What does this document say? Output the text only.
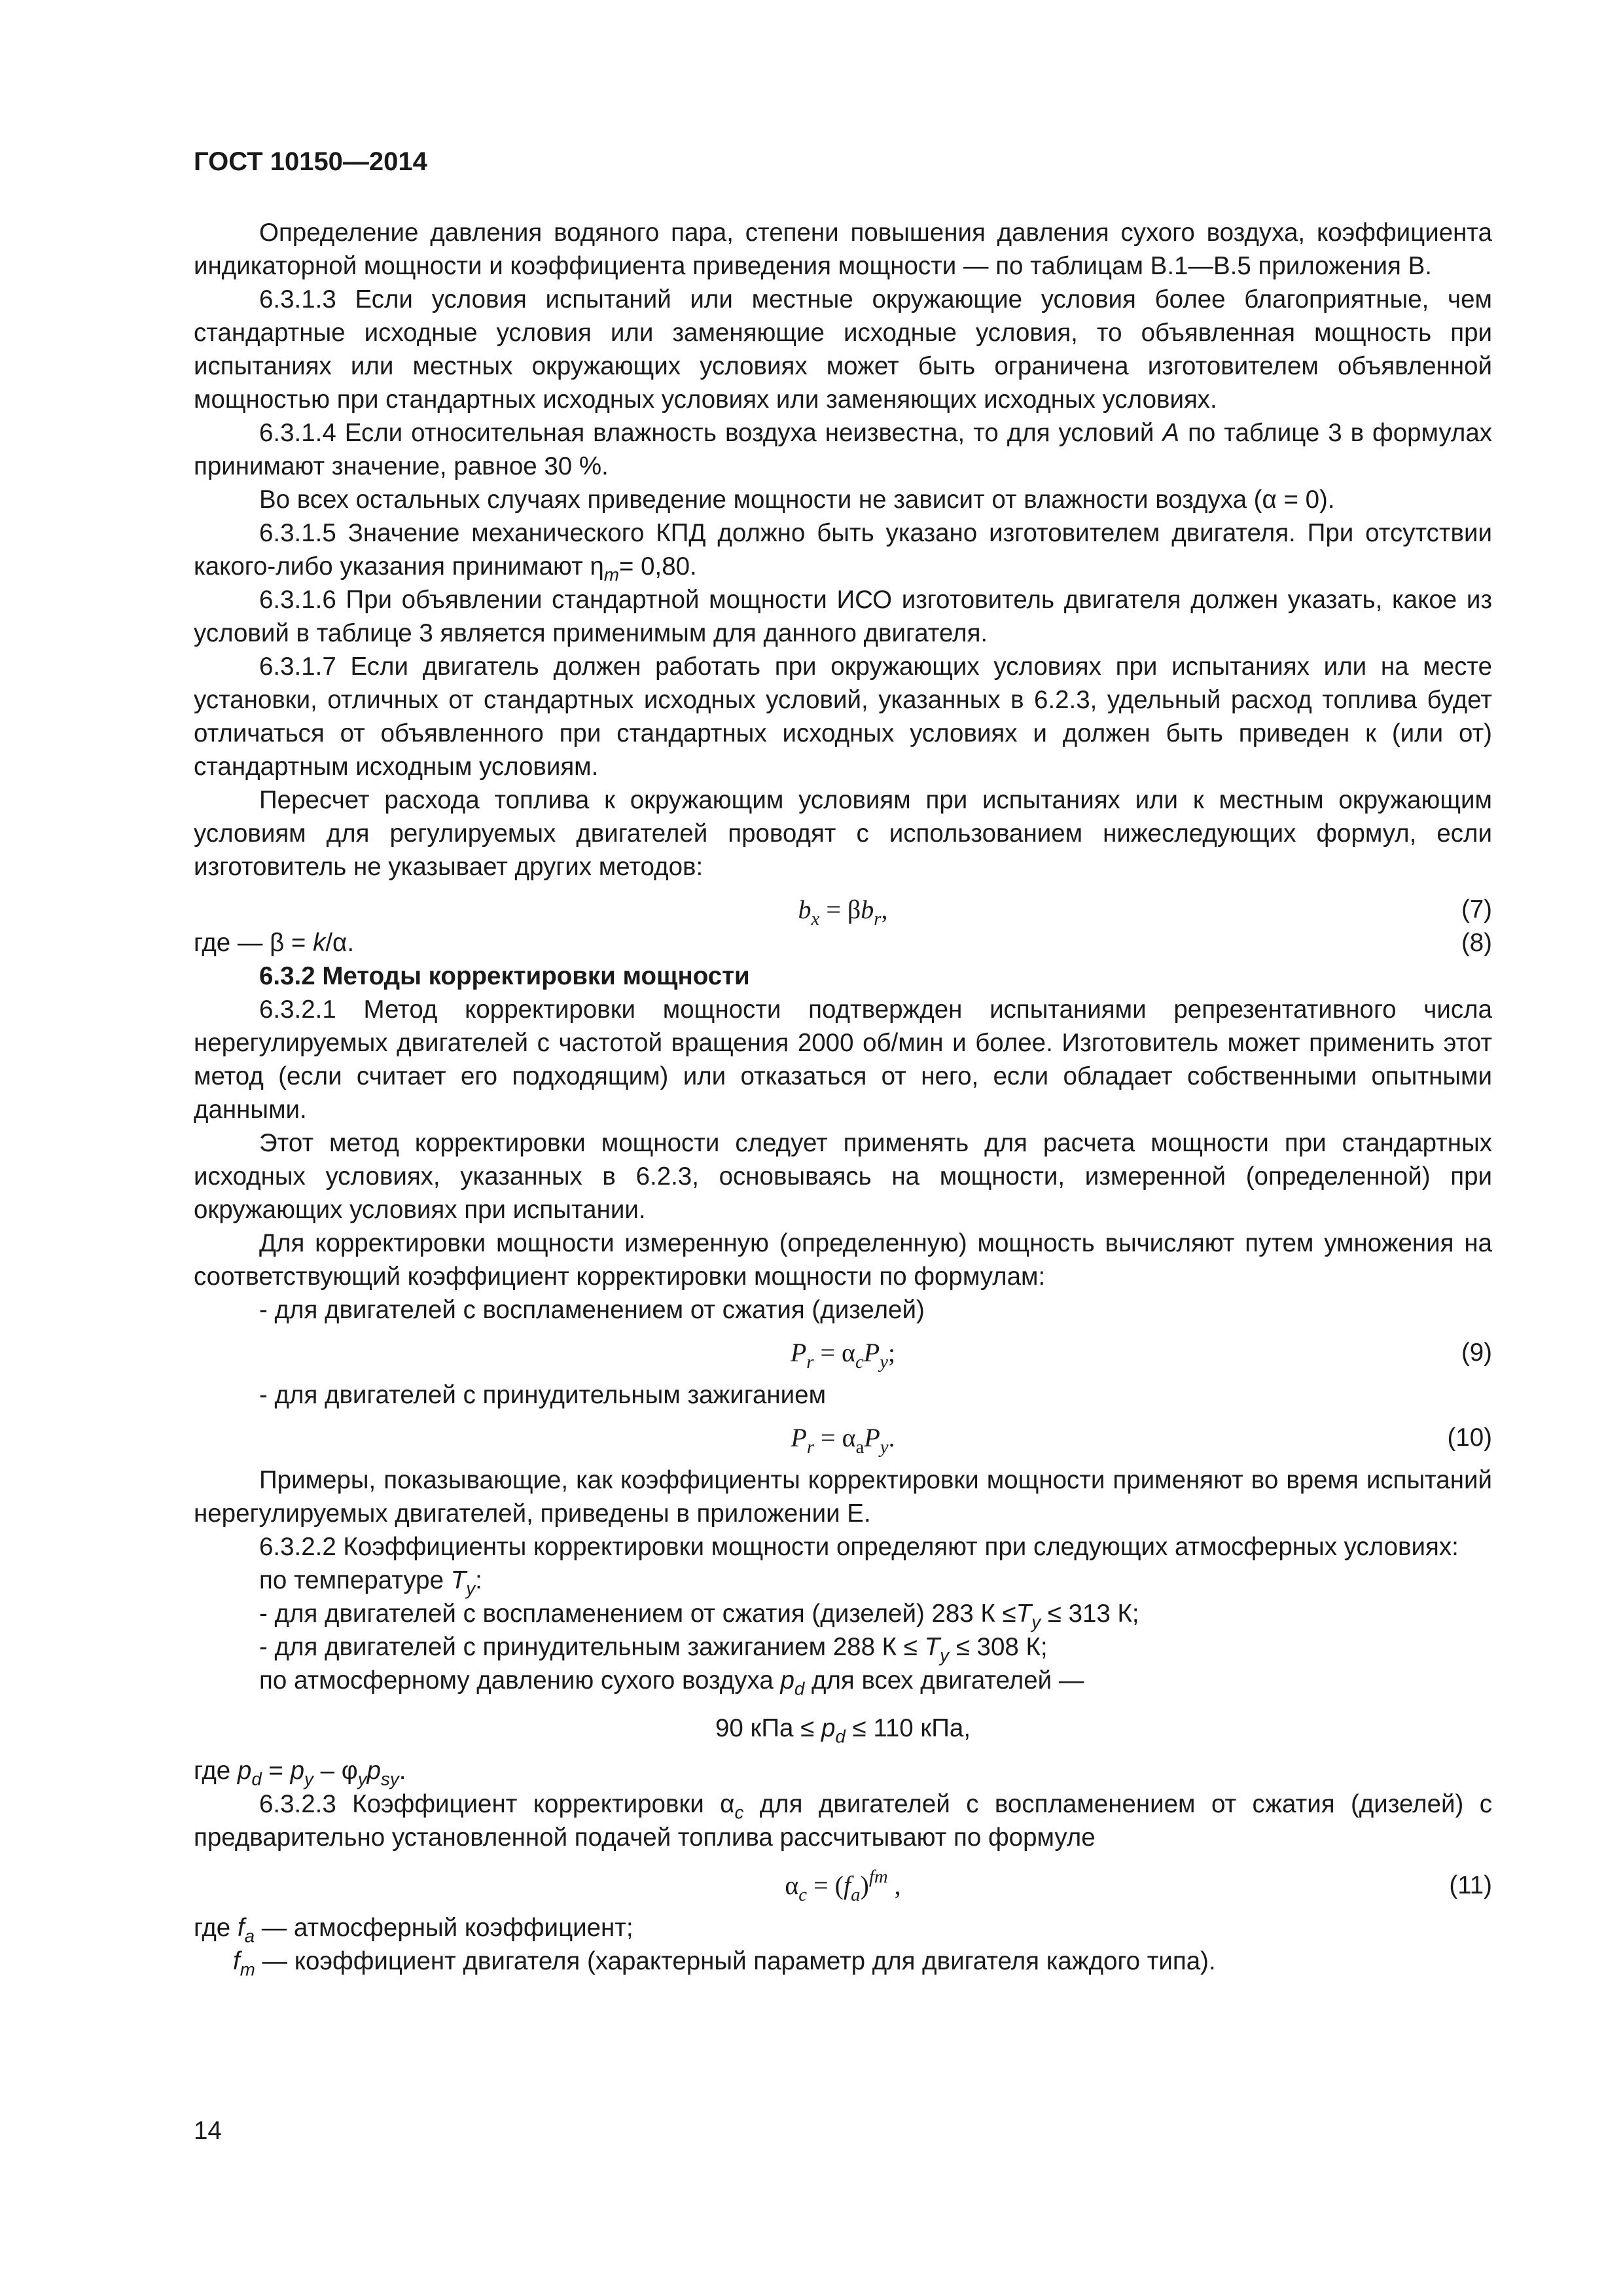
ГОСТ 10150—2014

Определение давления водяного пара, степени повышения давления сухого воздуха, коэффициента индикаторной мощности и коэффициента приведения мощности — по таблицам В.1—В.5 приложения В.

6.3.1.3 Если условия испытаний или местные окружающие условия более благоприятные, чем стандартные исходные условия или заменяющие исходные условия, то объявленная мощность при испытаниях или местных окружающих условиях может быть ограничена изготовителем объявленной мощностью при стандартных исходных условиях или заменяющих исходных условиях.

6.3.1.4 Если относительная влажность воздуха неизвестна, то для условий A по таблице 3 в формулах принимают значение, равное 30 %.

Во всех остальных случаях приведение мощности не зависит от влажности воздуха (α = 0).

6.3.1.5 Значение механического КПД должно быть указано изготовителем двигателя. При отсутствии какого-либо указания принимают $\eta_m= 0,80$.

6.3.1.6 При объявлении стандартной мощности ИСО изготовитель двигателя должен указать, какое из условий в таблице 3 является применимым для данного двигателя.

6.3.1.7 Если двигатель должен работать при окружающих условиях при испытаниях или на месте установки, отличных от стандартных исходных условий, указанных в 6.2.3, удельный расход топлива будет отличаться от объявленного при стандартных исходных условиях и должен быть приведен к (или от) стандартным исходным условиям.

Пересчет расхода топлива к окружающим условиям при испытаниях или к местным окружающим условиям для регулируемых двигателей проводят с использованием нижеследующих формул, если изготовитель не указывает других методов:

$b_x = \beta b_r$,	(7)
где — β = k/α.	(8)

6.3.2 Методы корректировки мощности

6.3.2.1 Метод корректировки мощности подтвержден испытаниями репрезентативного числа нерегулируемых двигателей с частотой вращения 2000 об/мин и более. Изготовитель может применить этот метод (если считает его подходящим) или отказаться от него, если обладает собственными опытными данными.

Этот метод корректировки мощности следует применять для расчета мощности при стандартных исходных условиях, указанных в 6.2.3, основываясь на мощности, измеренной (определенной) при окружающих условиях при испытании.

Для корректировки мощности измеренную (определенную) мощность вычисляют путем умножения на соответствующий коэффициент корректировки мощности по формулам:

- для двигателей с воспламенением от сжатия (дизелей)

$P_r = \alpha_cP_y$;	(9)

- для двигателей с принудительным зажиганием

$P_r = \alpha_aP_y$.	(10)

Примеры, показывающие, как коэффициенты корректировки мощности применяют во время испытаний нерегулируемых двигателей, приведены в приложении Е.

6.3.2.2 Коэффициенты корректировки мощности определяют при следующих атмосферных условиях:

по температуре $T_y$:

- для двигателей с воспламенением от сжатия (дизелей) 283 $К \le T_y \le 313$ К;

- для двигателей с принудительным зажиганием 288 $К \le T_y \le 308$ К;

по атмосферному давлению сухого воздуха $p_d$ для всех двигателей —

90 кПа ≤ $p_d \le 110$ кПа,

где $p_d = p_y - \varphi_yp_{sy}$.

6.3.2.3 Коэффициент корректировки $\alpha_c$ для двигателей с воспламенением от сжатия (дизелей) с предварительно установленной подачей топлива рассчитывают по формуле

$\alpha_c = (f_a)^{fm}$ ,	(11)

где $f_a$ — атмосферный коэффициент;

$f_m$ — коэффициент двигателя (характерный параметр для двигателя каждого типа).

14
